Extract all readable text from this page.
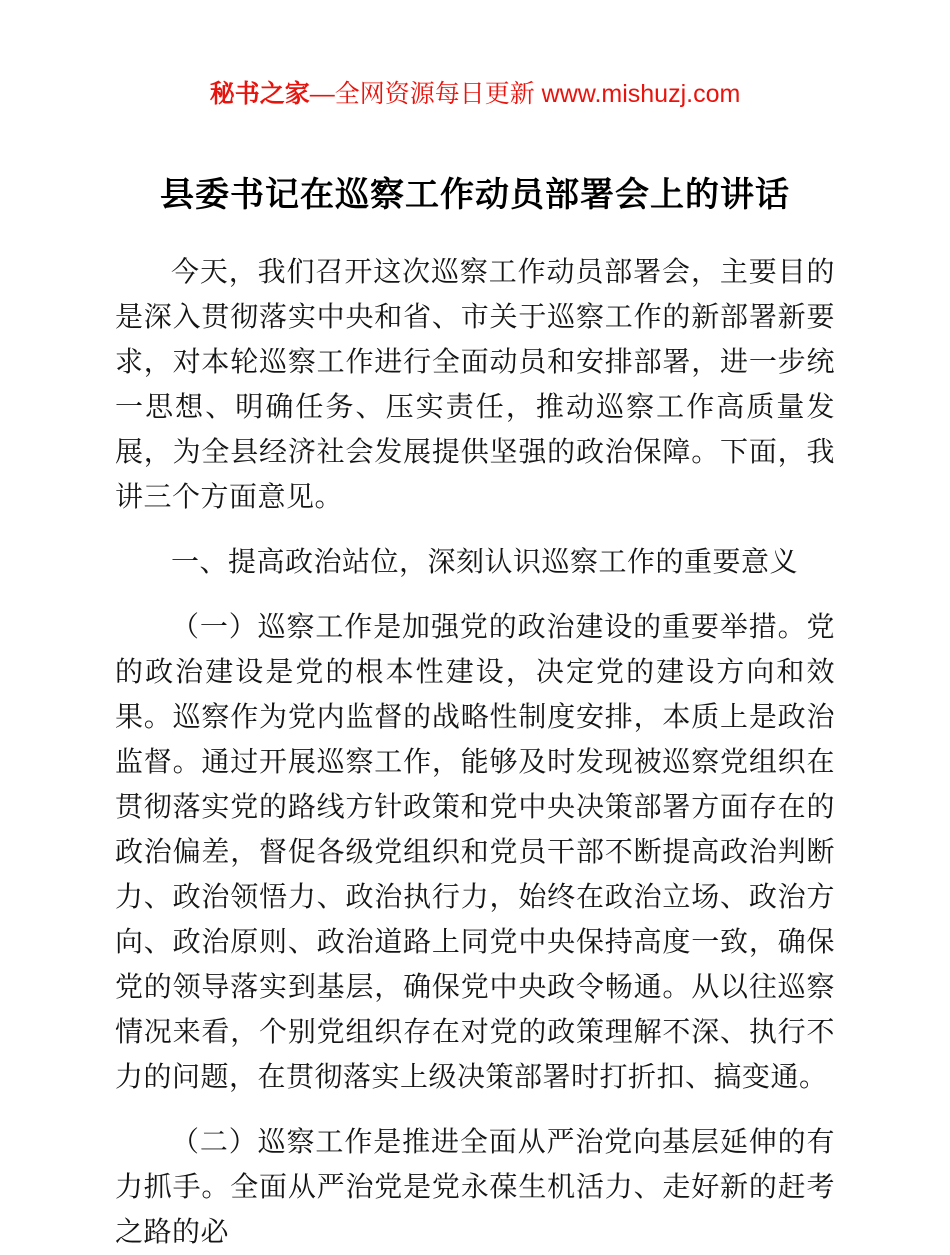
秘书之家—全网资源每日更新 www.mishuzj.com
县委书记在巡察工作动员部署会上的讲话

今天，我们召开这次巡察工作动员部署会，主要目的是深入贯彻落实中央和省、市关于巡察工作的新部署新要求，对本轮巡察工作进行全面动员和安排部署，进一步统一思想、明确任务、压实责任，推动巡察工作高质量发展，为全县经济社会发展提供坚强的政治保障。下面，我讲三个方面意见。

一、提高政治站位，深刻认识巡察工作的重要意义

（一）巡察工作是加强党的政治建设的重要举措。党的政治建设是党的根本性建设，决定党的建设方向和效果。巡察作为党内监督的战略性制度安排，本质上是政治监督。通过开展巡察工作，能够及时发现被巡察党组织在贯彻落实党的路线方针政策和党中央决策部署方面存在的政治偏差，督促各级党组织和党员干部不断提高政治判断力、政治领悟力、政治执行力，始终在政治立场、政治方向、政治原则、政治道路上同党中央保持高度一致，确保党的领导落实到基层，确保党中央政令畅通。从以往巡察情况来看，个别党组织存在对党的政策理解不深、执行不力的问题，在贯彻落实上级决策部署时打折扣、搞变通。

（二）巡察工作是推进全面从严治党向基层延伸的有力抓手。全面从严治党是党永葆生机活力、走好新的赶考之路的必
